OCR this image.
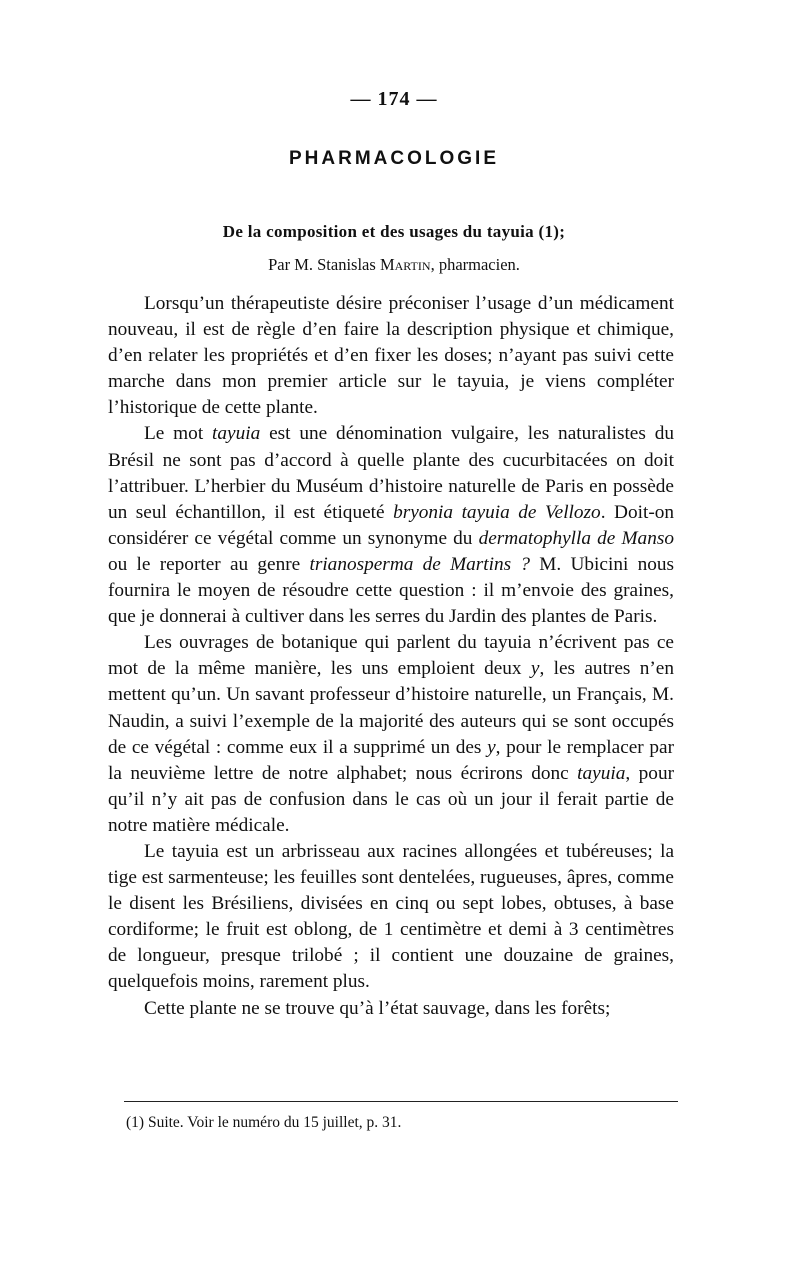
— 174 —
PHARMACOLOGIE
De la composition et des usages du tayuia (1);
Par M. Stanislas Martin, pharmacien.

Lorsqu’un thérapeutiste désire préconiser l’usage d’un médicament nouveau, il est de règle d’en faire la description physique et chimique, d’en relater les propriétés et d’en fixer les doses; n’ayant pas suivi cette marche dans mon premier article sur le tayuia, je viens compléter l’historique de cette plante.

Le mot tayuia est une dénomination vulgaire, les naturalistes du Brésil ne sont pas d’accord à quelle plante des cucurbitacées on doit l’attribuer. L’herbier du Muséum d’histoire naturelle de Paris en possède un seul échantillon, il est étiqueté bryonia tayuia de Vellozo. Doit-on considérer ce végétal comme un synonyme du dermatophylla de Manso ou le reporter au genre trianosperma de Martins ? M. Ubicini nous fournira le moyen de résoudre cette question : il m’envoie des graines, que je donnerai à cultiver dans les serres du Jardin des plantes de Paris.

Les ouvrages de botanique qui parlent du tayuia n’écrivent pas ce mot de la même manière, les uns emploient deux y, les autres n’en mettent qu’un. Un savant professeur d’histoire naturelle, un Français, M. Naudin, a suivi l’exemple de la majorité des auteurs qui se sont occupés de ce végétal : comme eux il a supprimé un des y, pour le remplacer par la neuvième lettre de notre alphabet; nous écrirons donc tayuia, pour qu’il n’y ait pas de confusion dans le cas où un jour il ferait partie de notre matière médicale.

Le tayuia est un arbrisseau aux racines allongées et tubéreuses; la tige est sarmenteuse; les feuilles sont dentelées, rugueuses, âpres, comme le disent les Brésiliens, divisées en cinq ou sept lobes, obtuses, à base cordiforme; le fruit est oblong, de 1 centimètre et demi à 3 centimètres de longueur, presque trilobé ; il contient une douzaine de graines, quelquefois moins, rarement plus.

Cette plante ne se trouve qu’à l’état sauvage, dans les forêts;

(1) Suite. Voir le numéro du 15 juillet, p. 31.
